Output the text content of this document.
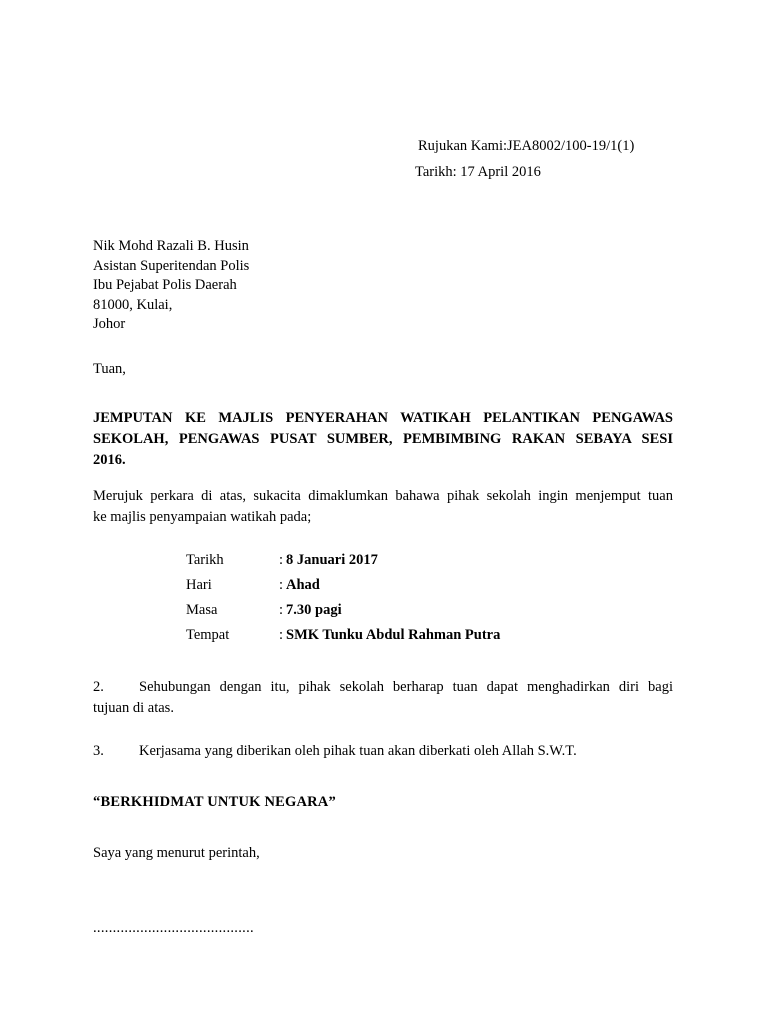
Rujukan Kami:JEA8002/100-19/1(1)
Tarikh: 17 April 2016
Nik Mohd Razali B. Husin
Asistan Superitendan Polis
Ibu Pejabat Polis Daerah
81000, Kulai,
Johor
Tuan,
JEMPUTAN KE MAJLIS PENYERAHAN WATIKAH PELANTIKAN PENGAWAS
SEKOLAH, PENGAWAS PUSAT SUMBER, PEMBIMBING RAKAN SEBAYA SESI
2016.
Merujuk perkara di atas, sukacita dimaklumkan bahawa pihak sekolah ingin menjemput tuan
ke majlis penyampaian watikah pada;
Tarikh	: 8 Januari 2017
Hari	: Ahad
Masa	: 7.30 pagi
Tempat	: SMK Tunku Abdul Rahman Putra
2. Sehubungan dengan itu, pihak sekolah berharap tuan dapat menghadirkan diri bagi
tujuan di atas.
3. Kerjasama yang diberikan oleh pihak tuan akan diberkati oleh Allah S.W.T.
“BERKHIDMAT UNTUK NEGARA”
Saya yang menurut perintah,
.........................................
